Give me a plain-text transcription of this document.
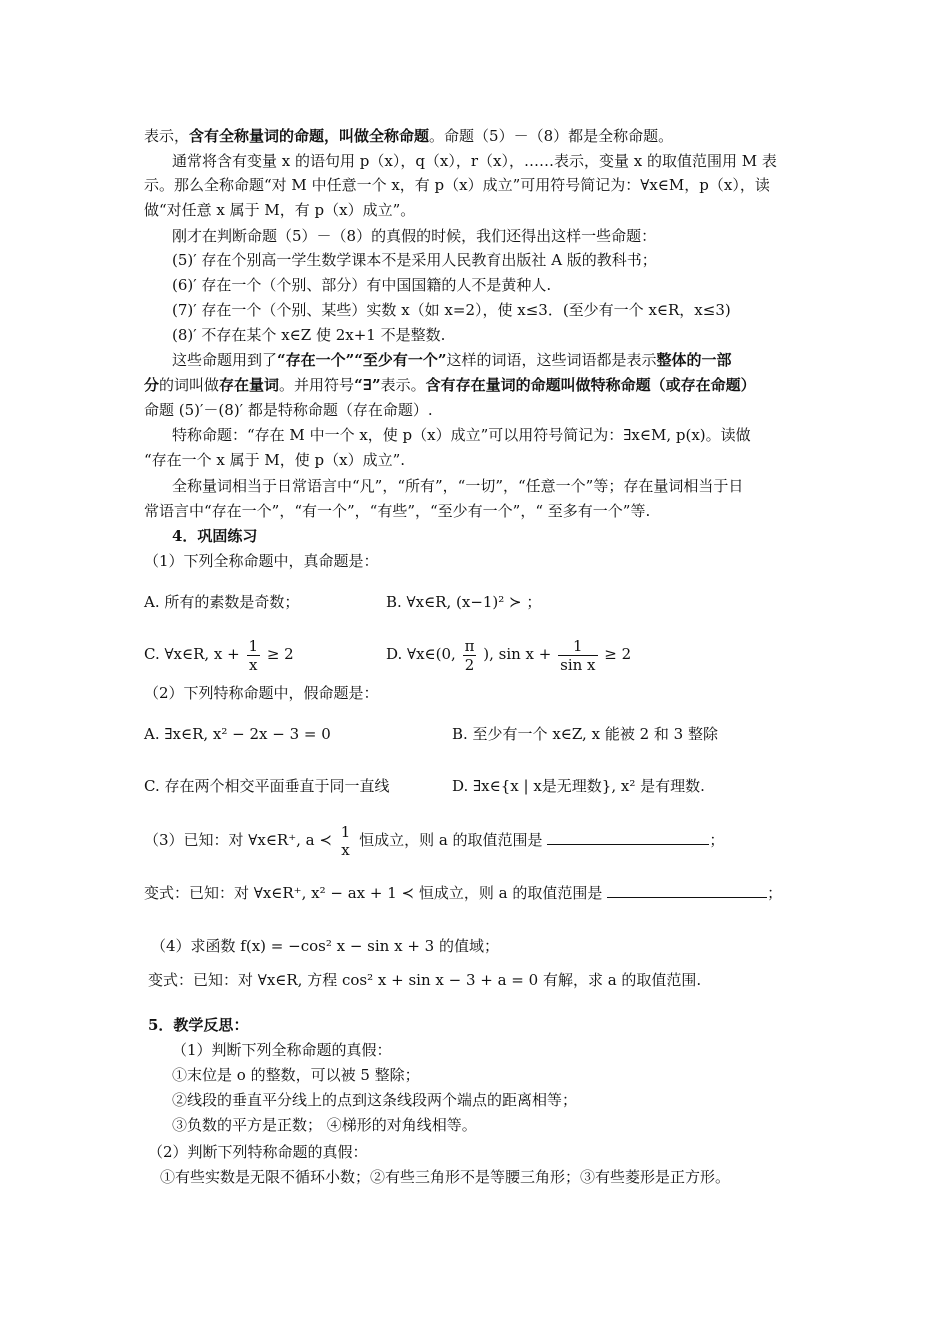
表示，含有全称量词的命题，叫做全称命题。命题（5）－（8）都是全称命题。
通常将含有变量 x 的语句用 p（x），q（x），r（x），……表示，变量 x 的取值范围用 M 表
示。那么全称命题“对 M 中任意一个 x，有 p（x）成立”可用符号简记为：∀x∈M，p（x），读
做“对任意 x 属于 M，有 p（x）成立”。
刚才在判断命题（5）－（8）的真假的时候，我们还得出这样一些命题：
(5)′ 存在个别高一学生数学课本不是采用人民教育出版社 A 版的教科书；
(6)′ 存在一个（个别、部分）有中国国籍的人不是黄种人.
(7)′ 存在一个（个别、某些）实数 x（如 x=2），使 x≤3．(至少有一个 x∈R，x≤3)
(8)′ 不存在某个 x∈Z 使 2x+1 不是整数.
这些命题用到了“存在一个”“至少有一个”这样的词语，这些词语都是表示整体的一部
分的词叫做存在量词。并用符号“∃”表示。含有存在量词的命题叫做特称命题（或存在命题）
命题 (5)′－(8)′ 都是特称命题（存在命题）.
特称命题：“存在 M 中一个 x，使 p（x）成立”可以用符号简记为：∃x∈M, p(x)。读做
“存在一个 x 属于 M，使 p（x）成立”.
全称量词相当于日常语言中“凡”，“所有”，“一切”，“任意一个”等；存在量词相当于日
常语言中“存在一个”，“有一个”，“有些”，“至少有一个”，“ 至多有一个”等.
4．巩固练习
（1）下列全称命题中，真命题是：
A. 所有的素数是奇数；	B. ∀x∈R, (x−1)² ≻ ；
C. ∀x∈R, $x + \frac{1}{x} \ge 2$	D. ∀x∈(0, $\frac{\pi}{2}$ ), $\sin x + \frac{1}{\text{sin x}} \ge 2$
（2）下列特称命题中，假命题是：
A. ∃x∈R, x² − 2x − 3 = 0	B. 至少有一个 x∈Z, x 能被 2 和 3 整除
C. 存在两个相交平面垂直于同一直线	D. ∃x∈{x | x是无理数}, x² 是有理数.
（3）已知：对 ∀x∈R⁺, a ≺ 1
x
恒成立，则 a 的取值范围是	；
变式：已知：对 ∀x∈R⁺, x² − ax + 1 ≺ 恒成立，则 a 的取值范围是	；
（4）求函数 f(x) = −cos² x − sin x + 3 的值域；
变式：已知：对 ∀x∈R, 方程 cos² x + sin x − 3 + a = 0 有解，求 a 的取值范围.
5．教学反思：
（1）判断下列全称命题的真假：
①末位是 o 的整数，可以被 5 整除；
②线段的垂直平分线上的点到这条线段两个端点的距离相等；
③负数的平方是正数； ④梯形的对角线相等。
（2）判断下列特称命题的真假：
①有些实数是无限不循环小数；②有些三角形不是等腰三角形；③有些菱形是正方形。
